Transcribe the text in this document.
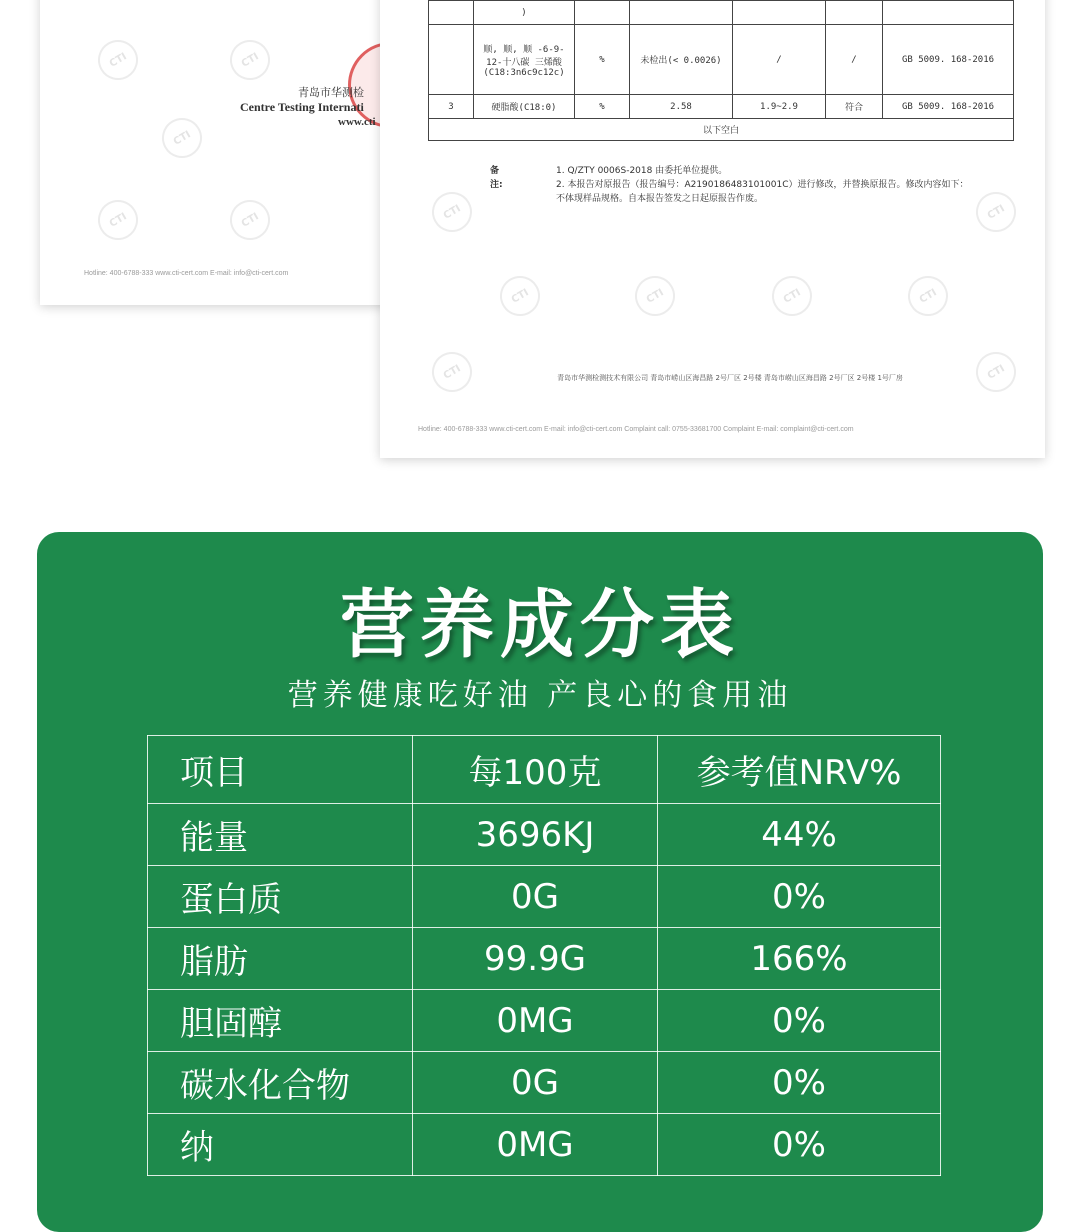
CTI	CTI
CTI
CTI	CTI
青岛市华测检
Centre Testing Internati
www.cti
Hotline: 400-6788-333 www.cti-cert.com E-mail: info@cti-cert.com
CTI
CTI	CTI	CTI	CTI
CTI
CTI	CTI
	)					
	顺, 顺, 顺 -6-9-12-十八碳 三烯酸 (C18:3n6c9c12c)	%	未检出(< 0.0026)	/	/	GB 5009. 168-2016
3	硬脂酸(C18:0)	%	2.58	1.9~2.9	符合	GB 5009. 168-2016
以下空白						
备注:
1. Q/ZTY 0006S-2018 由委托单位提供。
2. 本报告对原报告（报告编号：A2190186483101001C）进行修改，并替换原报告。修改内容如下：不体现样品规格。自本报告签发之日起原报告作废。
青岛市华测检测技术有限公司 青岛市崂山区海昌路 2号厂区 2号楼 青岛市崂山区海昌路 2号厂区 2号楼 1号厂房
Hotline: 400-6788-333 www.cti-cert.com E-mail: info@cti-cert.com Complaint call: 0755-33681700 Complaint E-mail: complaint@cti-cert.com
营养成分表
营养健康吃好油 产良心的食用油
项目	每100克	参考值NRV%
能量	3696KJ	44%
蛋白质	0G	0%
脂肪	99.9G	166%
胆固醇	0MG	0%
碳水化合物	0G	0%
纳	0MG	0%
